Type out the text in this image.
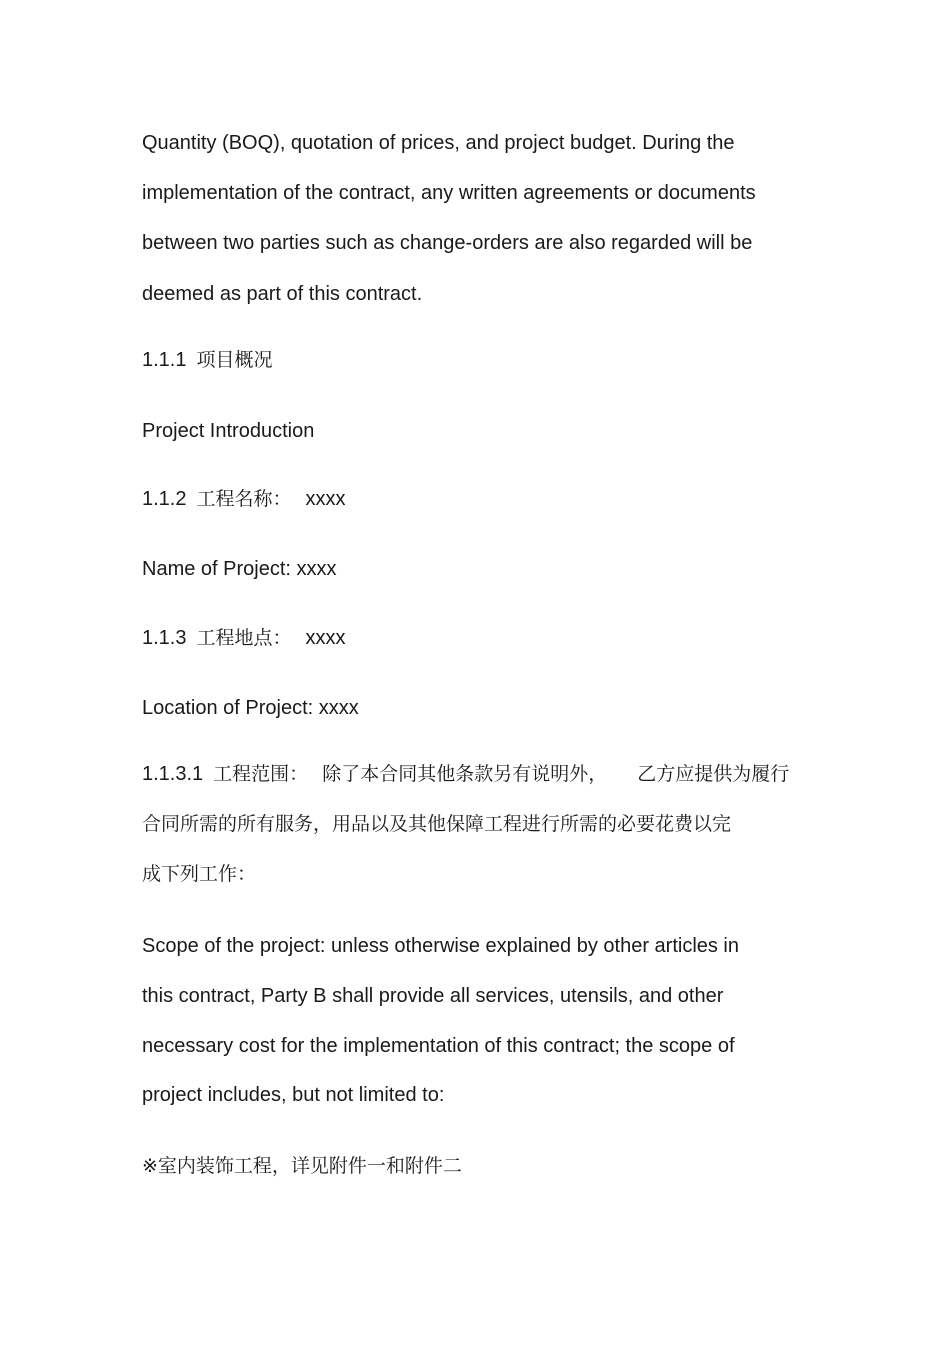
Quantity (BOQ), quotation of prices, and project budget. During the
implementation of the contract, any written agreements or documents
between two parties such as change-orders are also regarded will be
deemed as part of this contract.
1.1.1 项目概况
Project Introduction
1.1.2 工程名称： xxxx
Name of Project: xxxx
1.1.3 工程地点： xxxx
Location of Project: xxxx
1.1.3.1 工程范围： 除了本合同其他条款另有说明外， 乙方应提供为履行
合同所需的所有服务，用品以及其他保障工程进行所需的必要花费以完
成下列工作：
Scope of the project: unless otherwise explained by other articles in
this contract, Party B shall provide all services, utensils, and other
necessary cost for the implementation of this contract; the scope of
project includes, but not limited to:
※室内装饰工程，详见附件一和附件二
